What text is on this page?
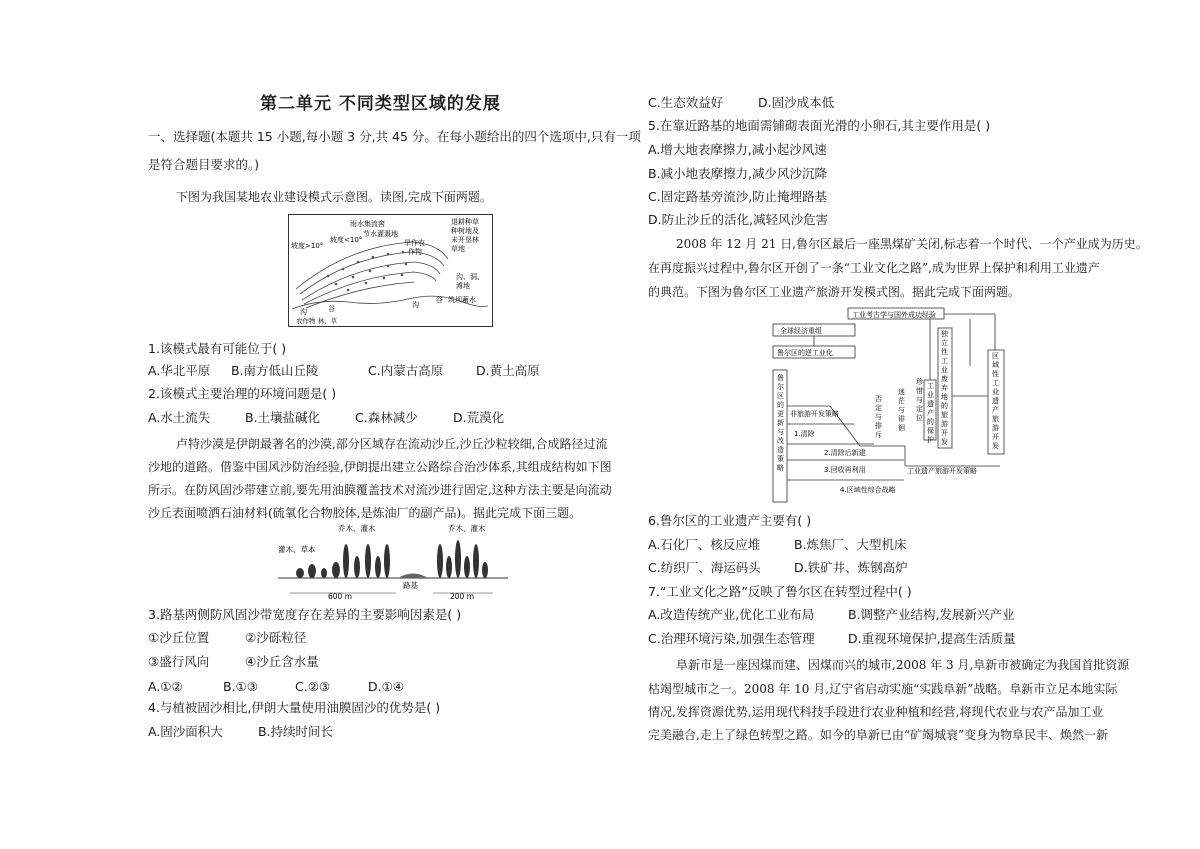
第二单元 不同类型区域的发展
一、选择题(本题共 15 小题,每小题 3 分,共 45 分。在每小题给出的四个选项中,只有一项
是符合题目要求的。)
下图为我国某地农业建设模式示意图。读图,完成下面两题。
雨水集流窖
节水灌溉地
坡度<10°
坡度>10°	旱作农
作物
退耕种草
种树地及
未开垦林
草地
沟、洞、
滩地
筑坝蓄水
沟	谷	沟
谷
农作物 林、草
1.该模式最有可能位于( )
A.华北平原 B.南方低山丘陵	C.内蒙古高原	D.黄土高原
2.该模式主要治理的环境问题是( )
A.水土流失	B.土壤盐碱化	C.森林减少	D.荒漠化
卢特沙漠是伊朗最著名的沙漠,部分区域存在流动沙丘,沙丘沙粒较细,合成路径过流
沙地的道路。借鉴中国风沙防治经验,伊朗提出建立公路综合治沙体系,其组成结构如下图
所示。在防风固沙带建立前,要先用油膜覆盖技术对流沙进行固定,这种方法主要是向流动
沙丘表面喷洒石油材料(硫氧化合物胶体,是炼油厂的副产品)。据此完成下面三题。
灌木、草本
乔木、灌木	乔木、灌木
路基
600 m	200 m
3.路基两侧防风固沙带宽度存在差异的主要影响因素是( )
①沙丘位置	②沙砾粒径
③盛行风向	④沙丘含水量
A.①②	B.①③	C.②③	D.①④
4.与植被固沙相比,伊朗大量使用油膜固沙的优势是( )
A.固沙面积大	B.持续时间长
C.生态效益好	D.固沙成本低
5.在靠近路基的地面需铺砌表面光滑的小卵石,其主要作用是( )
A.增大地表摩擦力,减小起沙风速
B.减小地表摩擦力,减少风沙沉降
C.固定路基旁流沙,防止掩埋路基
D.防止沙丘的活化,减轻风沙危害
2008 年 12 月 21 日,鲁尔区最后一座黑煤矿关闭,标志着一个时代、一个产业成为历史。
在再度振兴过程中,鲁尔区开创了一条“工业文化之路”,成为世界上保护和利用工业遗产
的典范。下图为鲁尔区工业遗产旅游开发模式图。据此完成下面两题。
工业考古学与国外成功经验
全球经济重组
鲁尔区的逆工业化
非旅游开发策略
1.清除
2.清除后新建
3.回收再利用
4.区域性综合战略
工业遗产旅游开发策略
鲁
尔
区
的
更
新
与
改
造
策
略
否
定
与
排
斥
迷
茫
与
徘
徊
珍
惜
与
定
位
工
业
遗
产
的
保
护
独
立
性
工
业
废
弃
地
的
旅
游
开
发
区
域
性
工
业
遗
产
旅
游
开
发
6.鲁尔区的工业遗产主要有( )
A.石化厂、核反应堆	B.炼焦厂、大型机床
C.纺织厂、海运码头	D.铁矿井、炼钢高炉
7.“工业文化之路”反映了鲁尔区在转型过程中( )
A.改造传统产业,优化工业布局	B.调整产业结构,发展新兴产业
C.治理环境污染,加强生态管理	D.重视环境保护,提高生活质量
阜新市是一座因煤而建、因煤而兴的城市,2008 年 3 月,阜新市被确定为我国首批资源
枯竭型城市之一。2008 年 10 月,辽宁省启动实施“实践阜新”战略。阜新市立足本地实际
情况,发挥资源优势,运用现代科技手段进行农业种植和经营,将现代农业与农产品加工业
完美融合,走上了绿色转型之路。如今的阜新已由“矿竭城衰”变身为物阜民丰、焕然一新
